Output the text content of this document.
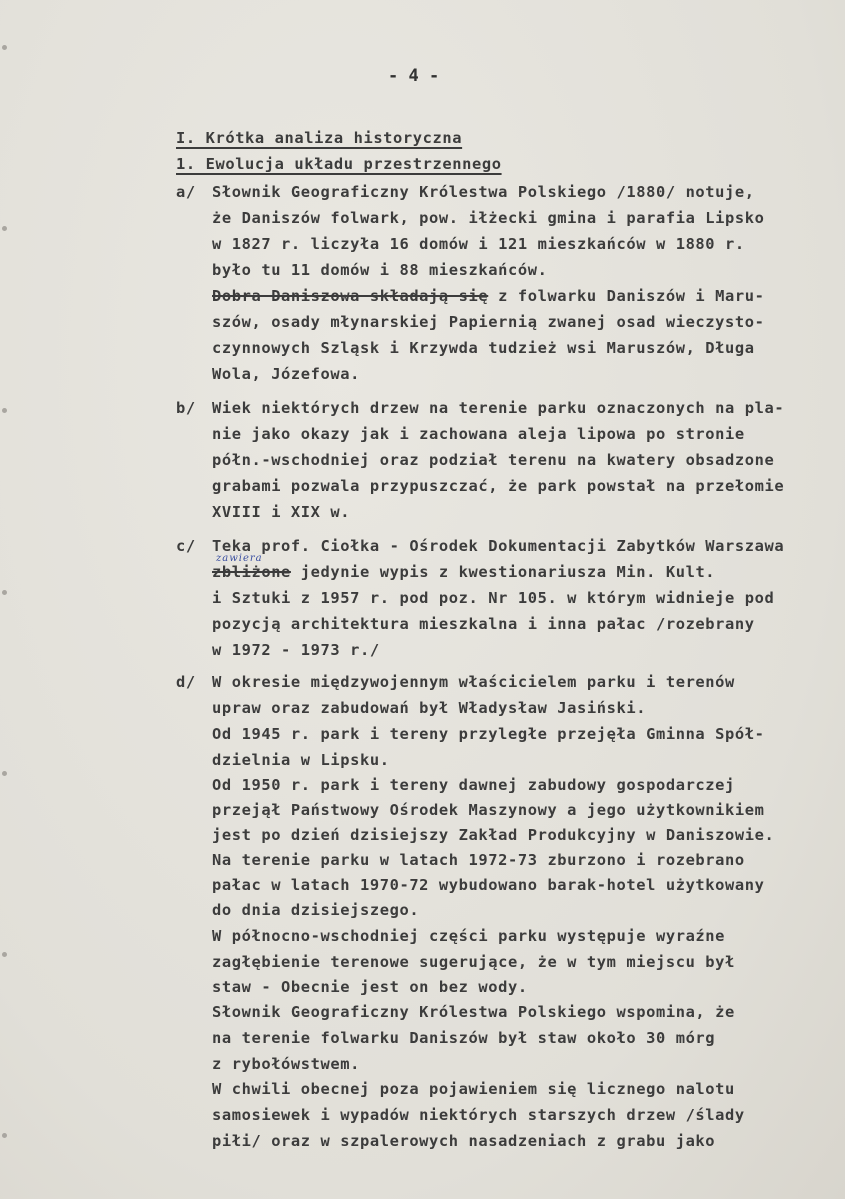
- 4 -
I. Krótka analiza historyczna
1. Ewolucja układu przestrzennego
a/ Słownik Geograficzny Królestwa Polskiego /1880/ notuje,
że Daniszów folwark, pow. iłżecki gmina i parafia Lipsko
w 1827 r. liczyła 16 domów i 121 mieszkańców w 1880 r.
było tu 11 domów i 88 mieszkańców.
Dobra Daniszowa składają się z folwarku Daniszów i Maru-
szów, osady młynarskiej Papiernią zwanej osad wieczysto-
czynnowych Szląsk i Krzywda tudzież wsi Maruszów, Długa
Wola, Józefowa.
b/ Wiek niektórych drzew na terenie parku oznaczonych na pla-
nie jako okazy jak i zachowana aleja lipowa po stronie
półn.-wschodniej oraz podział terenu na kwatery obsadzone
grabami pozwala przypuszczać, że park powstał na przełomie
XVIII i XIX w.
c/ Teka prof. Ciołka - Ośrodek Dokumentacji Zabytków Warszawa
zawiera
zbliżone jedynie wypis z kwestionariusza Min. Kult.
i Sztuki z 1957 r. pod poz. Nr 105. w którym widnieje pod
pozycją architektura mieszkalna i inna pałac /rozebrany
w 1972 - 1973 r./
d/ W okresie międzywojennym właścicielem parku i terenów
upraw oraz zabudowań był Władysław Jasiński.
Od 1945 r. park i tereny przyległe przejęła Gminna Spół-
dzielnia w Lipsku.
Od 1950 r. park i tereny dawnej zabudowy gospodarczej
przejął Państwowy Ośrodek Maszynowy a jego użytkownikiem
jest po dzień dzisiejszy Zakład Produkcyjny w Daniszowie.
Na terenie parku w latach 1972-73 zburzono i rozebrano
pałac w latach 1970-72 wybudowano barak-hotel użytkowany
do dnia dzisiejszego.
W północno-wschodniej części parku występuje wyraźne
zagłębienie terenowe sugerujące, że w tym miejscu był
staw - Obecnie jest on bez wody.
Słownik Geograficzny Królestwa Polskiego wspomina, że
na terenie folwarku Daniszów był staw około 30 mórg
z rybołówstwem.
W chwili obecnej poza pojawieniem się licznego nalotu
samosiewek i wypadów niektórych starszych drzew /ślady
piłi/ oraz w szpalerowych nasadzeniach z grabu jako
